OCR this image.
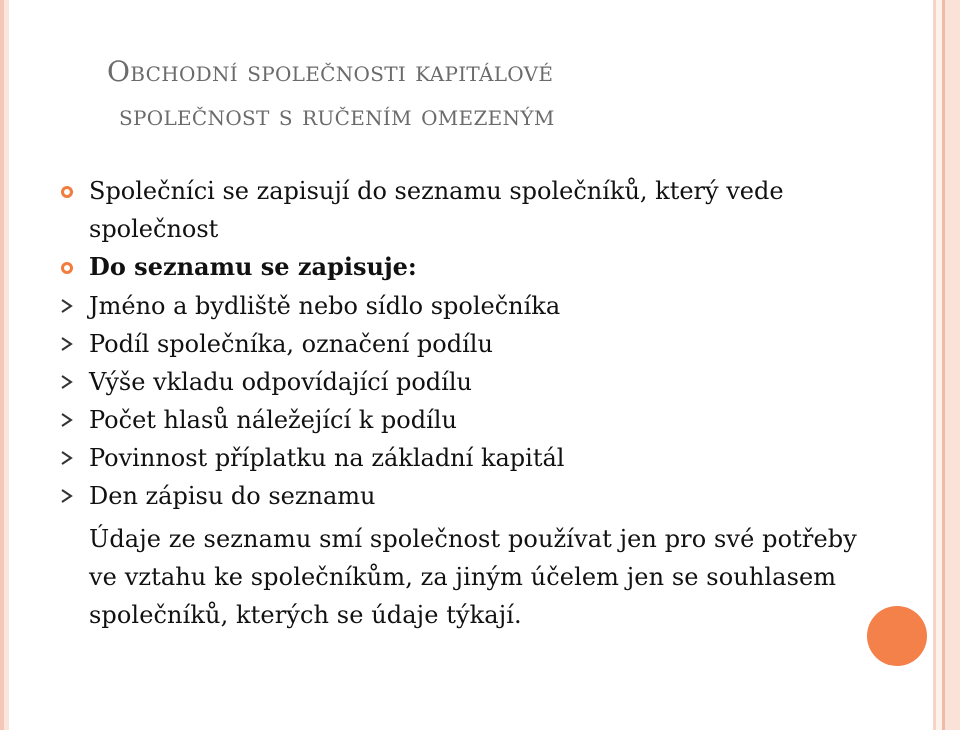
Obchodní společnosti kapitálové
společnost s ručením omezeným
Společníci se zapisují do seznamu společníků, který vede společnost
Do seznamu se zapisuje:
Jméno a bydliště nebo sídlo společníka
Podíl společníka, označení podílu
Výše vkladu odpovídající podílu
Počet hlasů náležející k podílu
Povinnost příplatku na základní kapitál
Den zápisu do seznamu
Údaje ze seznamu smí společnost používat jen pro své potřeby ve vztahu ke společníkům, za jiným účelem jen se souhlasem společníků, kterých se údaje týkají.
